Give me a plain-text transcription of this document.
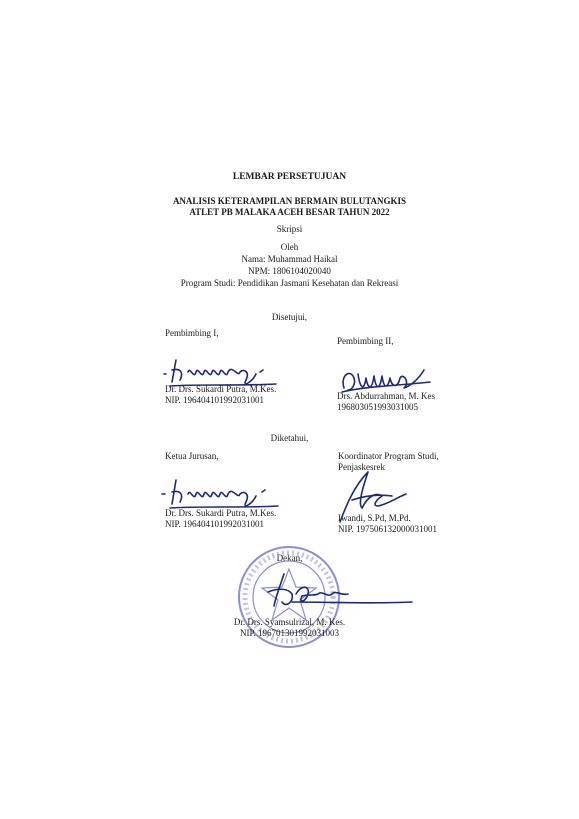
LEMBAR PERSETUJUAN
ANALISIS KETERAMPILAN BERMAIN BULUTANGKIS
ATLET PB MALAKA ACEH BESAR TAHUN 2022
Skripsi
Oleh
Nama: Muhammad Haikal
NPM: 1806104020040
Program Studi: Pendidikan Jasmani Kesehatan dan Rekreasi
Disetujui,
Pembimbing I,
Pembimbing II,
Dr. Drs. Sukardi Putra, M.Kes.
NIP. 196404101992031001	Drs. Abdurrahman, M. Kes
196803051993031005
Diketahui,
Ketua Jurusan,	Koordinator Program Studi,
Penjaskesrek
Dr. Drs. Sukardi Putra, M.Kes.
NIP. 196404101992031001
Iwandi, S.Pd, M.Pd.
NIP. 197506132000031001
Dekan,
Dr. Drs. Syamsulrizal, M. Kes.
NIP. 196701301992031003
